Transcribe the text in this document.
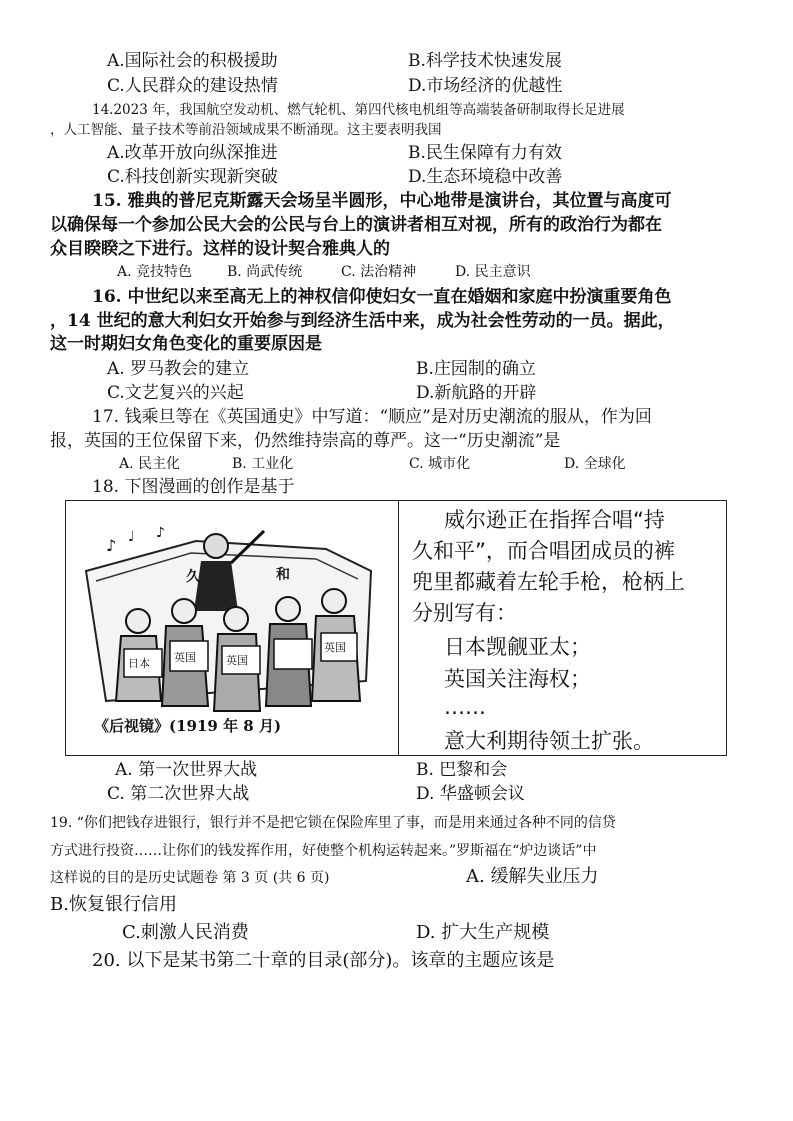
A.国际社会的积极援助	B.科学技术快速发展
C.人民群众的建设热情	D.市场经济的优越性
14.2023 年，我国航空发动机、燃气轮机、第四代核电机组等高端装备研制取得长足进展
，人工智能、量子技术等前沿领域成果不断涌现。这主要表明我国
A.改革开放向纵深推进	B.民生保障有力有效
C.科技创新实现新突破	D.生态环境稳中改善
15. 雅典的普尼克斯露天会场呈半圆形，中心地带是演讲台，其位置与高度可
以确保每一个参加公民大会的公民与台上的演讲者相互对视，所有的政治行为都在
众目睽睽之下进行。这样的设计契合雅典人的
A. 竞技特色 B. 尚武传统	C. 法治精神	D. 民主意识
16. 中世纪以来至高无上的神权信仰使妇女一直在婚姻和家庭中扮演重要角色
，14 世纪的意大利妇女开始参与到经济生活中来，成为社会性劳动的一员。据此，
这一时期妇女角色变化的重要原因是
A. 罗马教会的建立	B.庄园制的确立
C.文艺复兴的兴起	D.新航路的开辟
17. 钱乘旦等在《英国通史》中写道：“顺应”是对历史潮流的服从，作为回
报，英国的王位保留下来，仍然维持崇高的尊严。这一“历史潮流”是
A. 民主化	B. 工业化	C. 城市化	D. 全球化
18. 下图漫画的创作是基于
♪ ♩ ♪
日本 英国	英国
英国
久	和
《后视镜》(1919 年 8 月)
威尔逊正在指挥合唱“持
久和平”，而合唱团成员的裤
兜里都藏着左轮手枪，枪柄上
分别写有：
日本觊觎亚太；
英国关注海权；
……
意大利期待领土扩张。
A. 第一次世界大战	B. 巴黎和会
C. 第二次世界大战	D. 华盛顿会议
19. “你们把钱存进银行，银行并不是把它锁在保险库里了事，而是用来通过各种不同的信贷
方式进行投资……让你们的钱发挥作用，好使整个机构运转起来。”罗斯福在“炉边谈话”中
这样说的目的是历史试题卷 第 3 页 (共 6 页)	A. 缓解失业压力
B.恢复银行信用
C.刺激人民消费	D. 扩大生产规模
20. 以下是某书第二十章的目录(部分)。该章的主题应该是
